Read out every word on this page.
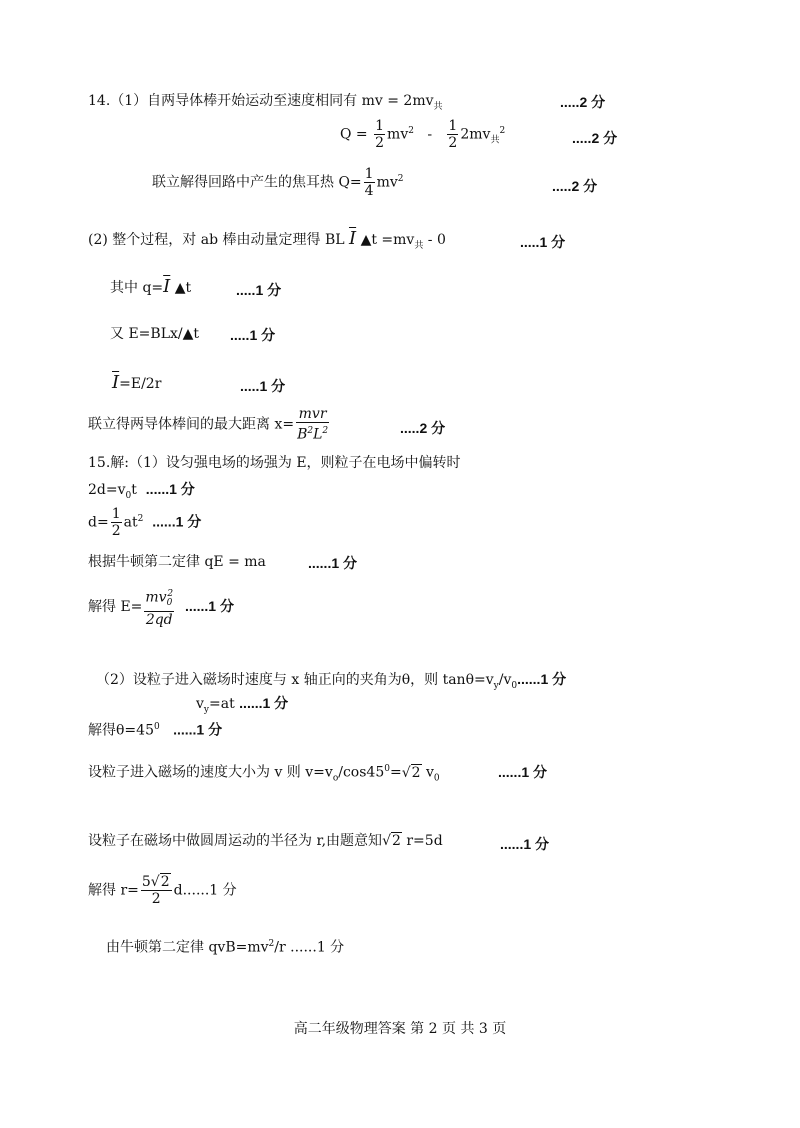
14.（1）自两导体棒开始运动至速度相同有 mv = $2mv_共$	.....2 分
$Q = \frac{1}{2} mv^2 - \frac{1}{2} 2mv_共^2$	.....2 分
联立解得回路中产生的焦耳热 $Q= \frac{1}{4} mv^2$	.....2 分
(2) 整个过程，对 ab 棒由动量定理得 BL $\overline{I}$ ▲t $=mv_共 - 0$	.....1 分
其中 $q=\overline{I}$ ▲t	.....1 分
又 E=BLx/▲t .....1 分
$\overline{I}=E/2r$	.....1 分
联立得两导体棒间的最大距离 $x= \frac{\text{mvr}}{B^2L^2}$	.....2 分
15.解:（1）设匀强电场的场强为 E，则粒子在电场中偏转时
$2d=v_0t$ ......1 分
$d= \frac{1}{2} at^2$ ......1 分
根据牛顿第二定律 qE = ma	......1 分
解得 $E= \frac{mv_0^2}{2qd} ......1$ 分
（2）设粒子进入磁场时速度与 x 轴正向的夹角为θ，则 $\tan\theta=v_y/v_0......1$ 分
$v_y=at$ ......1 分
解得$\theta=45^0$ ......1 分
设粒子进入磁场的速度大小为 v 则 $v=v_o/\cos 45^0=√2$ $v_0$	......1 分
设粒子在磁场中做圆周运动的半径为 r,由题意知√2 r=5d	......1 分
解得 $r= \frac{5√2}{2} d......1$ 分
由牛顿第二定律 $qvB=mv^2/r$ ......1 分
高二年级物理答案 第 2 页 共 3 页
